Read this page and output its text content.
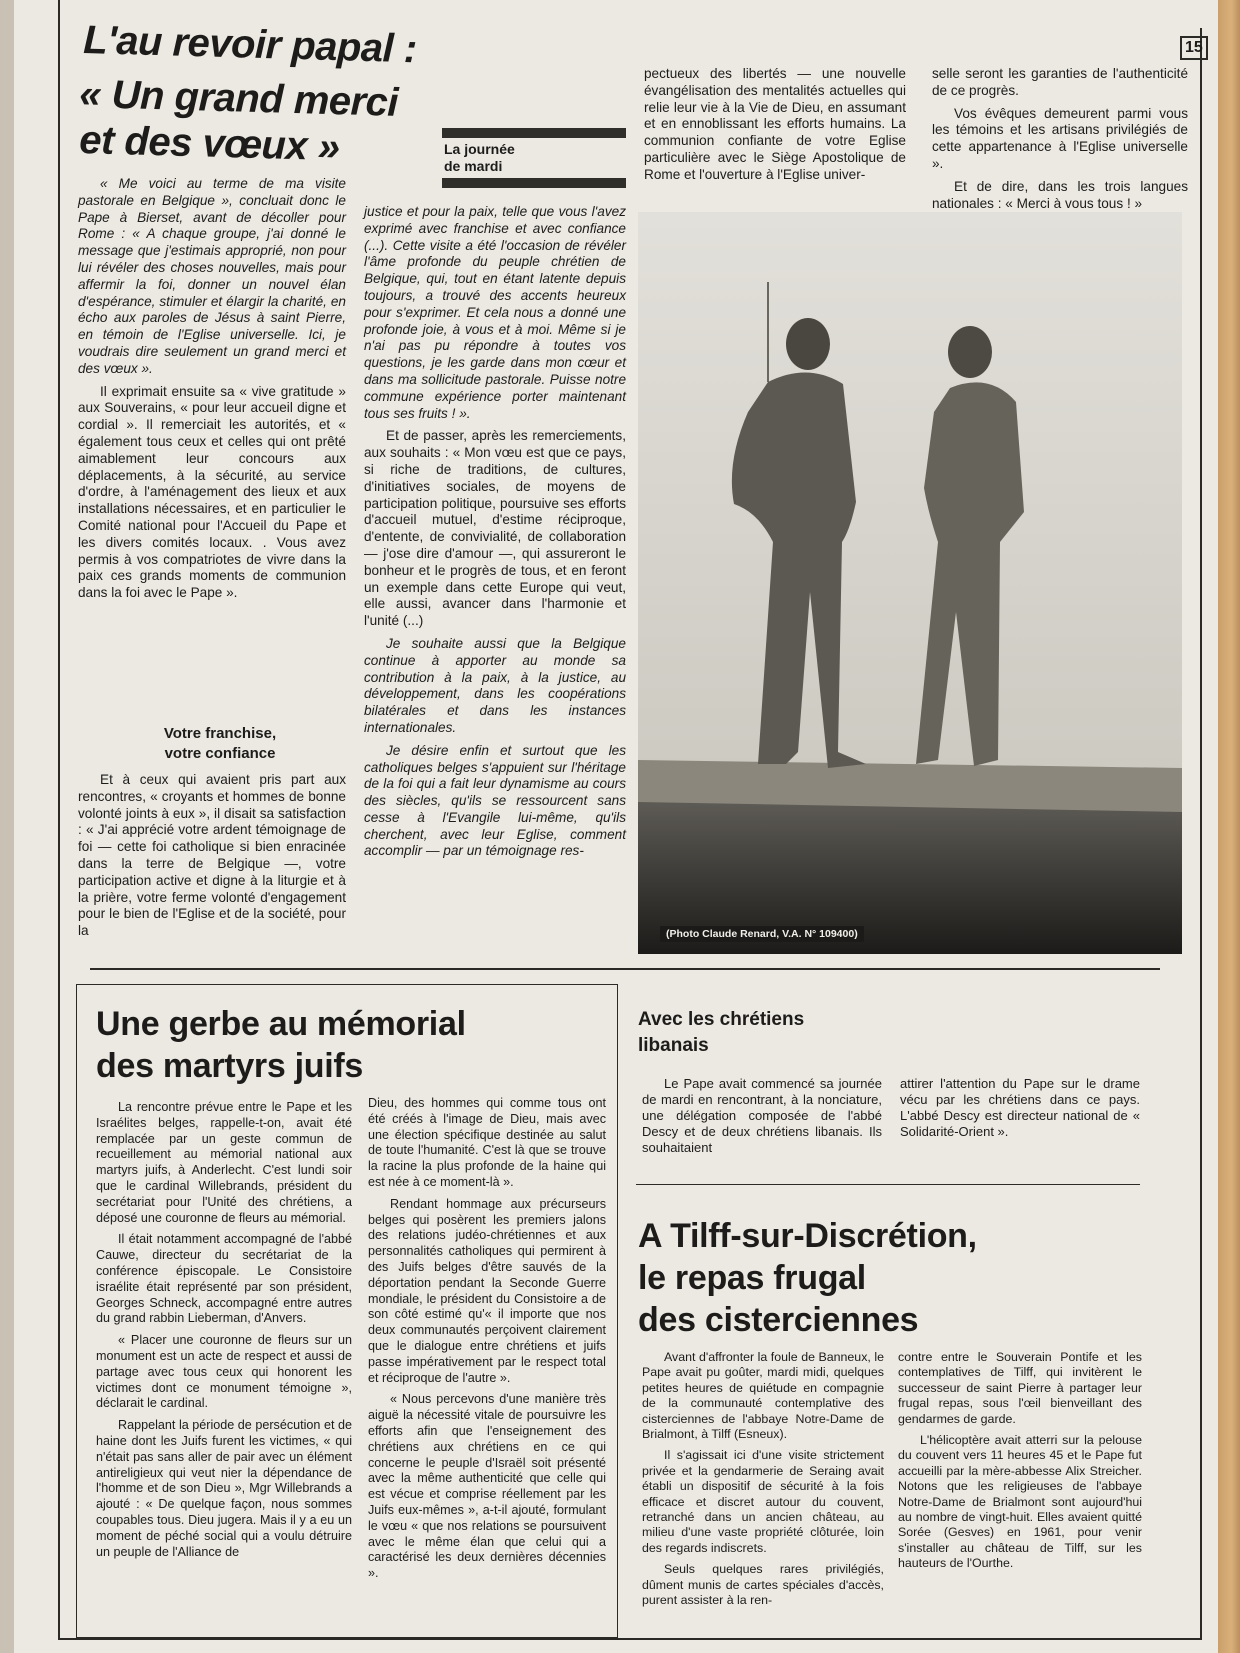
15
L'au revoir papal :
« Un grand merci
et des vœux »	La journée
de mardi

« Me voici au terme de ma visite pastorale en Belgique », concluait donc le Pape à Bierset, avant de décoller pour Rome : « A chaque groupe, j'ai donné le message que j'estimais approprié, non pour lui révéler des choses nouvelles, mais pour affermir la foi, donner un nouvel élan d'espérance, stimuler et élargir la charité, en écho aux paroles de Jésus à saint Pierre, en témoin de l'Eglise universelle. Ici, je voudrais dire seulement un grand merci et des vœux ».

Il exprimait ensuite sa « vive gratitude » aux Souverains, « pour leur accueil digne et cordial ». Il remerciait les autorités, et « également tous ceux et celles qui ont prêté aimablement leur concours aux déplacements, à la sécurité, au service d'ordre, à l'aménagement des lieux et aux installations nécessaires, et en particulier le Comité national pour l'Accueil du Pape et les divers comités locaux. . Vous avez permis à vos compatriotes de vivre dans la paix ces grands moments de communion dans la foi avec le Pape ».

Votre franchise,
votre confiance

Et à ceux qui avaient pris part aux rencontres, « croyants et hommes de bonne volonté joints à eux », il disait sa satisfaction : « J'ai apprécié votre ardent témoignage de foi — cette foi catholique si bien enracinée dans la terre de Belgique —, votre participation active et digne à la liturgie et à la prière, votre ferme volonté d'engagement pour le bien de l'Eglise et de la société, pour la

justice et pour la paix, telle que vous l'avez exprimé avec franchise et avec confiance (...). Cette visite a été l'occasion de révéler l'âme profonde du peuple chrétien de Belgique, qui, tout en étant latente depuis toujours, a trouvé des accents heureux pour s'exprimer. Et cela nous a donné une profonde joie, à vous et à moi. Même si je n'ai pas pu répondre à toutes vos questions, je les garde dans mon cœur et dans ma sollicitude pastorale. Puisse notre commune expérience porter maintenant tous ses fruits ! ».

Et de passer, après les remerciements, aux souhaits : « Mon vœu est que ce pays, si riche de traditions, de cultures, d'initiatives sociales, de moyens de participation politique, poursuive ses efforts d'accueil mutuel, d'estime réciproque, d'entente, de convivialité, de collaboration — j'ose dire d'amour —, qui assureront le bonheur et le progrès de tous, et en feront un exemple dans cette Europe qui veut, elle aussi, avancer dans l'harmonie et l'unité (...)

Je souhaite aussi que la Belgique continue à apporter au monde sa contribution à la paix, à la justice, au développement, dans les coopérations bilatérales et dans les instances internationales.

Je désire enfin et surtout que les catholiques belges s'appuient sur l'héritage de la foi qui a fait leur dynamisme au cours des siècles, qu'ils se ressourcent sans cesse à l'Evangile lui-même, qu'ils cherchent, avec leur Eglise, comment accomplir — par un témoignage res-

pectueux des libertés — une nouvelle évangélisation des mentalités actuelles qui relie leur vie à la Vie de Dieu, en assumant et en ennoblissant les efforts humains. La communion confiante de votre Eglise particulière avec le Siège Apostolique de Rome et l'ouverture à l'Eglise univer-

selle seront les garanties de l'authenticité de ce progrès.

Vos évêques demeurent parmi vous les témoins et les artisans privilégiés de cette appartenance à l'Eglise universelle ».

Et de dire, dans les trois langues nationales : « Merci à vous tous ! »

(Photo Claude Renard, V.A. N° 109400)
Une gerbe au mémorial
des martyrs juifs

La rencontre prévue entre le Pape et les Israélites belges, rappelle-t-on, avait été remplacée par un geste commun de recueillement au mémorial national aux martyrs juifs, à Anderlecht. C'est lundi soir que le cardinal Willebrands, président du secrétariat pour l'Unité des chrétiens, a déposé une couronne de fleurs au mémorial.

Il était notamment accompagné de l'abbé Cauwe, directeur du secrétariat de la conférence épiscopale. Le Consistoire israélite était représenté par son président, Georges Schneck, accompagné entre autres du grand rabbin Lieberman, d'Anvers.

« Placer une couronne de fleurs sur un monument est un acte de respect et aussi de partage avec tous ceux qui honorent les victimes dont ce monument témoigne », déclarait le cardinal.

Rappelant la période de persécution et de haine dont les Juifs furent les victimes, « qui n'était pas sans aller de pair avec un élément antireligieux qui veut nier la dépendance de l'homme et de son Dieu », Mgr Willebrands a ajouté : « De quelque façon, nous sommes coupables tous. Dieu jugera. Mais il y a eu un moment de péché social qui a voulu détruire un peuple de l'Alliance de

Dieu, des hommes qui comme tous ont été créés à l'image de Dieu, mais avec une élection spécifique destinée au salut de toute l'humanité. C'est là que se trouve la racine la plus profonde de la haine qui est née à ce moment-là ».

Rendant hommage aux précurseurs belges qui posèrent les premiers jalons des relations judéo-chrétiennes et aux personnalités catholiques qui permirent à des Juifs belges d'être sauvés de la déportation pendant la Seconde Guerre mondiale, le président du Consistoire a de son côté estimé qu'« il importe que nos deux communautés perçoivent clairement que le dialogue entre chrétiens et juifs passe impérativement par le respect total et réciproque de l'autre ».

« Nous percevons d'une manière très aiguë la nécessité vitale de poursuivre les efforts afin que l'enseignement des chrétiens aux chrétiens en ce qui concerne le peuple d'Israël soit présenté avec la même authenticité que celle qui est vécue et comprise réellement par les Juifs eux-mêmes », a-t-il ajouté, formulant le vœu « que nos relations se poursuivent avec le même élan que celui qui a caractérisé les deux dernières décennies ».

Avec les chrétiens
libanais

Le Pape avait commencé sa journée de mardi en rencontrant, à la nonciature, une délégation composée de l'abbé Descy et de deux chrétiens libanais. Ils souhaitaient

attirer l'attention du Pape sur le drame vécu par les chrétiens dans ce pays. L'abbé Descy est directeur national de « Solidarité-Orient ».

A Tilff-sur-Discrétion,
le repas frugal
des cisterciennes

Avant d'affronter la foule de Banneux, le Pape avait pu goûter, mardi midi, quelques petites heures de quiétude en compagnie de la communauté contemplative des cisterciennes de l'abbaye Notre-Dame de Brialmont, à Tilff (Esneux).

Il s'agissait ici d'une visite strictement privée et la gendarmerie de Seraing avait établi un dispositif de sécurité à la fois efficace et discret autour du couvent, retranché dans un ancien château, au milieu d'une vaste propriété clôturée, loin des regards indiscrets.

Seuls quelques rares privilégiés, dûment munis de cartes spéciales d'accès, purent assister à la ren-

contre entre le Souverain Pontife et les contemplatives de Tilff, qui invitèrent le successeur de saint Pierre à partager leur frugal repas, sous l'œil bienveillant des gendarmes de garde.

L'hélicoptère avait atterri sur la pelouse du couvent vers 11 heures 45 et le Pape fut accueilli par la mère-abbesse Alix Streicher. Notons que les religieuses de l'abbaye Notre-Dame de Brialmont sont aujourd'hui au nombre de vingt-huit. Elles avaient quitté Sorée (Gesves) en 1961, pour venir s'installer au château de Tilff, sur les hauteurs de l'Ourthe.
